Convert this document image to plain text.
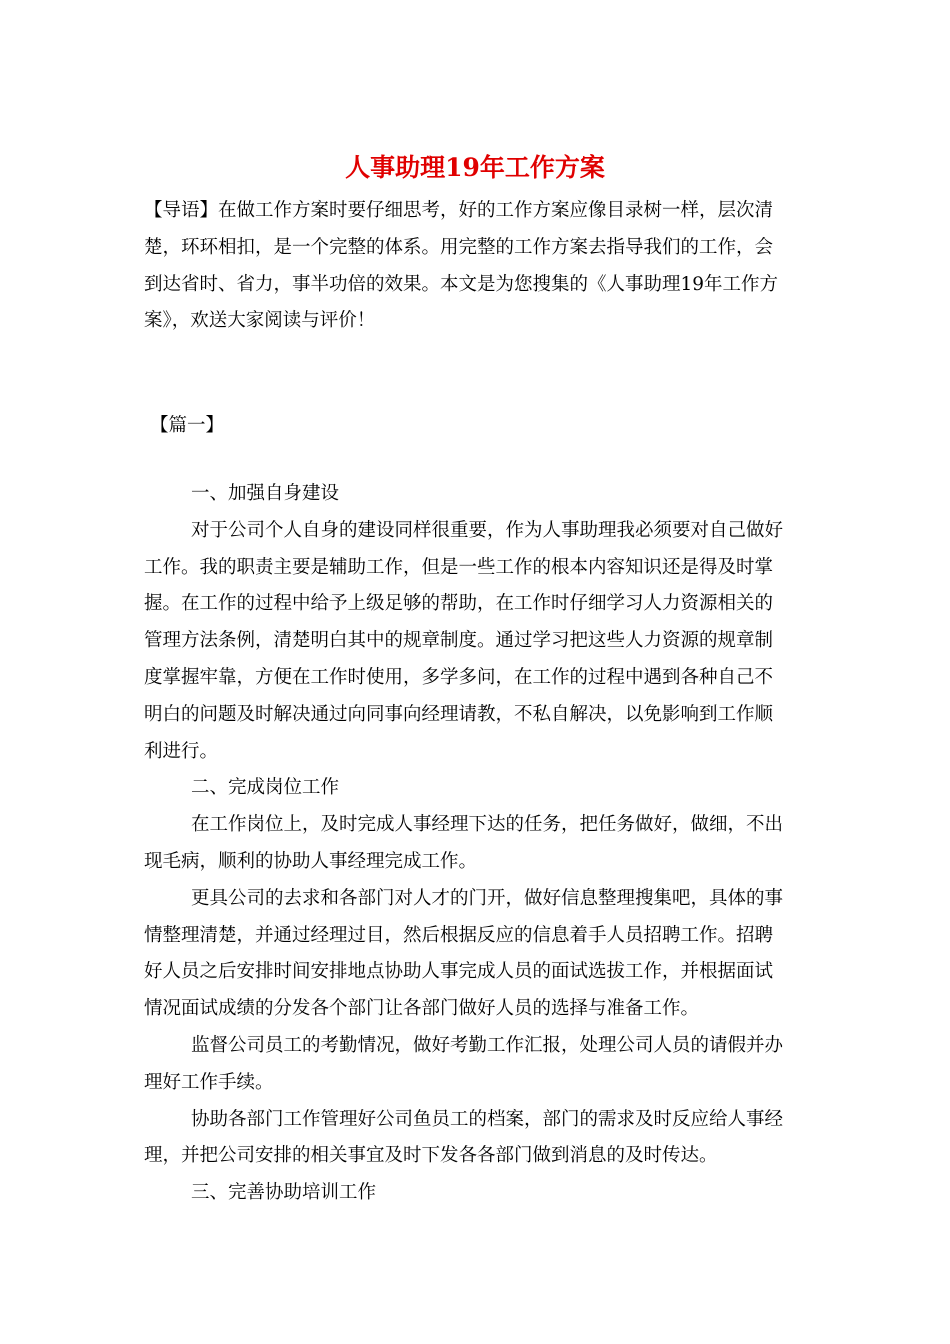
人事助理19年工作方案
【导语】在做工作方案时要仔细思考，好的工作方案应像目录树一样，层次清
楚，环环相扣，是一个完整的体系。用完整的工作方案去指导我们的工作，会
到达省时、省力，事半功倍的效果。本文是为您搜集的《人事助理19年工作方
案》，欢送大家阅读与评价！
【篇一】
一、加强自身建设
对于公司个人自身的建设同样很重要，作为人事助理我必须要对自己做好
工作。我的职责主要是辅助工作，但是一些工作的根本内容知识还是得及时掌
握。在工作的过程中给予上级足够的帮助，在工作时仔细学习人力资源相关的
管理方法条例，清楚明白其中的规章制度。通过学习把这些人力资源的规章制
度掌握牢靠，方便在工作时使用，多学多问，在工作的过程中遇到各种自己不
明白的问题及时解决通过向同事向经理请教，不私自解决，以免影响到工作顺
利进行。
二、完成岗位工作
在工作岗位上，及时完成人事经理下达的任务，把任务做好，做细，不出
现毛病，顺利的协助人事经理完成工作。
更具公司的去求和各部门对人才的门开，做好信息整理搜集吧，具体的事
情整理清楚，并通过经理过目，然后根据反应的信息着手人员招聘工作。招聘
好人员之后安排时间安排地点协助人事完成人员的面试选拔工作，并根据面试
情况面试成绩的分发各个部门让各部门做好人员的选择与准备工作。
监督公司员工的考勤情况，做好考勤工作汇报，处理公司人员的请假并办
理好工作手续。
协助各部门工作管理好公司鱼员工的档案，部门的需求及时反应给人事经
理，并把公司安排的相关事宜及时下发各各部门做到消息的及时传达。
三、完善协助培训工作
